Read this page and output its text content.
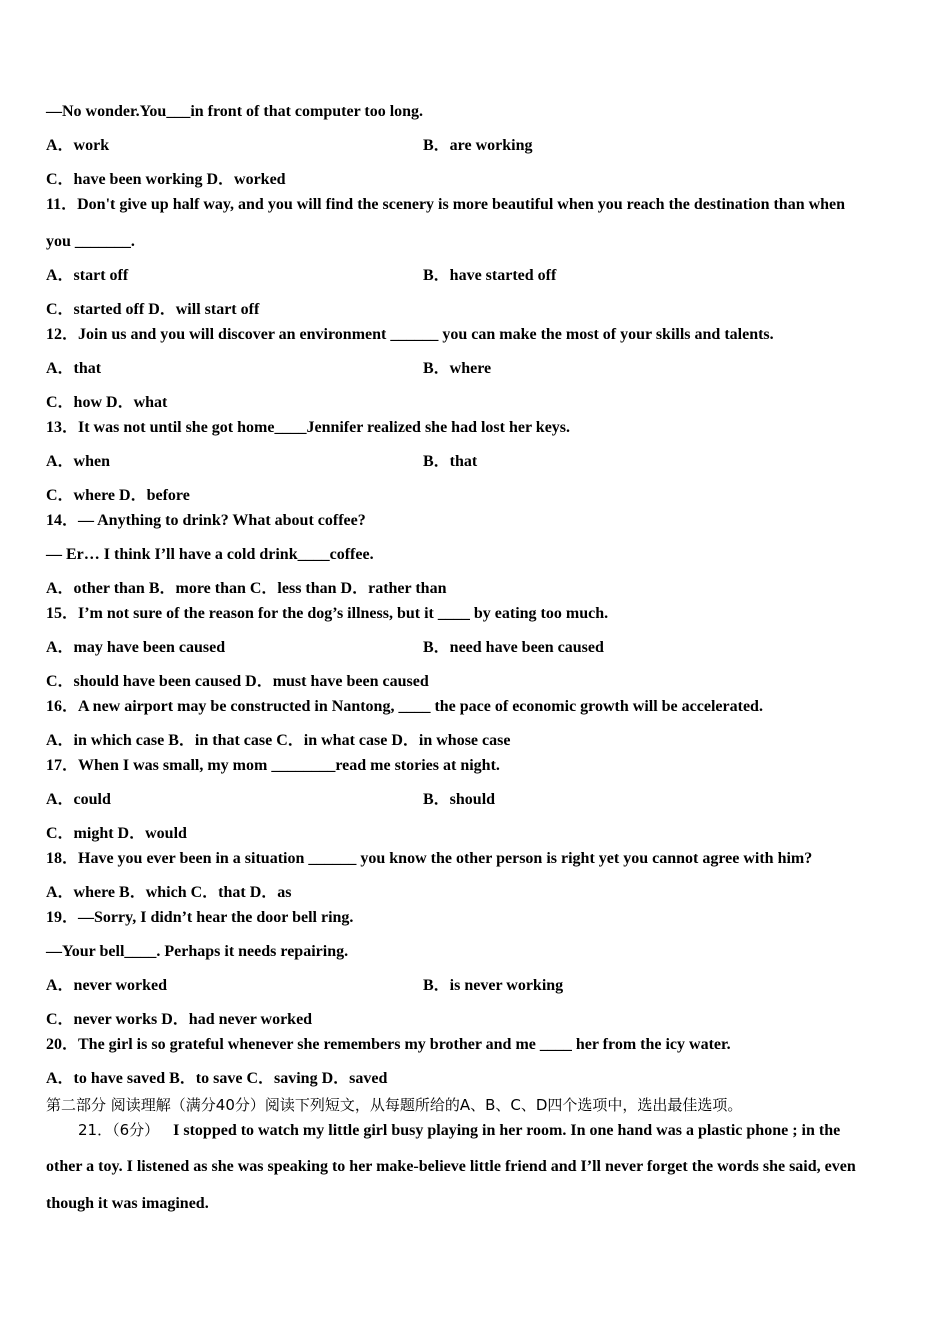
—No wonder.You___in front of that computer too long.
A．work	B．are working
C．have been working D．worked
11．Don't give up half way, and you will find the scenery is more beautiful when you reach the destination than when
you _______.
A．start off	B．have started off
C．started off D．will start off
12．Join us and you will discover an environment ______ you can make the most of your skills and talents.
A．that	B．where
C．how D．what
13．It was not until she got home____Jennifer realized she had lost her keys.
A．when	B．that
C．where D．before
14．— Anything to drink? What about coffee?
— Er… I think I’ll have a cold drink____coffee.
A．other than B．more than C．less than D．rather than
15．I’m not sure of the reason for the dog’s illness, but it ____ by eating too much.
A．may have been caused	B．need have been caused
C．should have been caused D．must have been caused
16．A new airport may be constructed in Nantong, ____ the pace of economic growth will be accelerated.
A．in which case B．in that case C．in what case D．in whose case
17．When I was small, my mom ________read me stories at night.
A．could	B．should
C．might D．would
18．Have you ever been in a situation ______ you know the other person is right yet you cannot agree with him?
A．where B．which C．that D．as
19．—Sorry, I didn’t hear the door bell ring.
—Your bell____. Perhaps it needs repairing.
A．never worked	B．is never working
C．never works D．had never worked
20．The girl is so grateful whenever she remembers my brother and me ____ her from the icy water.
A．to have saved B．to save C．saving D．saved
第二部分 阅读理解（满分40分）阅读下列短文，从每题所给的A、B、C、D四个选项中，选出最佳选项。
21．（6分） I stopped to watch my little girl busy playing in her room. In one hand was a plastic phone ; in the
other a toy. I listened as she was speaking to her make-believe little friend and I’ll never forget the words she said, even
though it was imagined.
